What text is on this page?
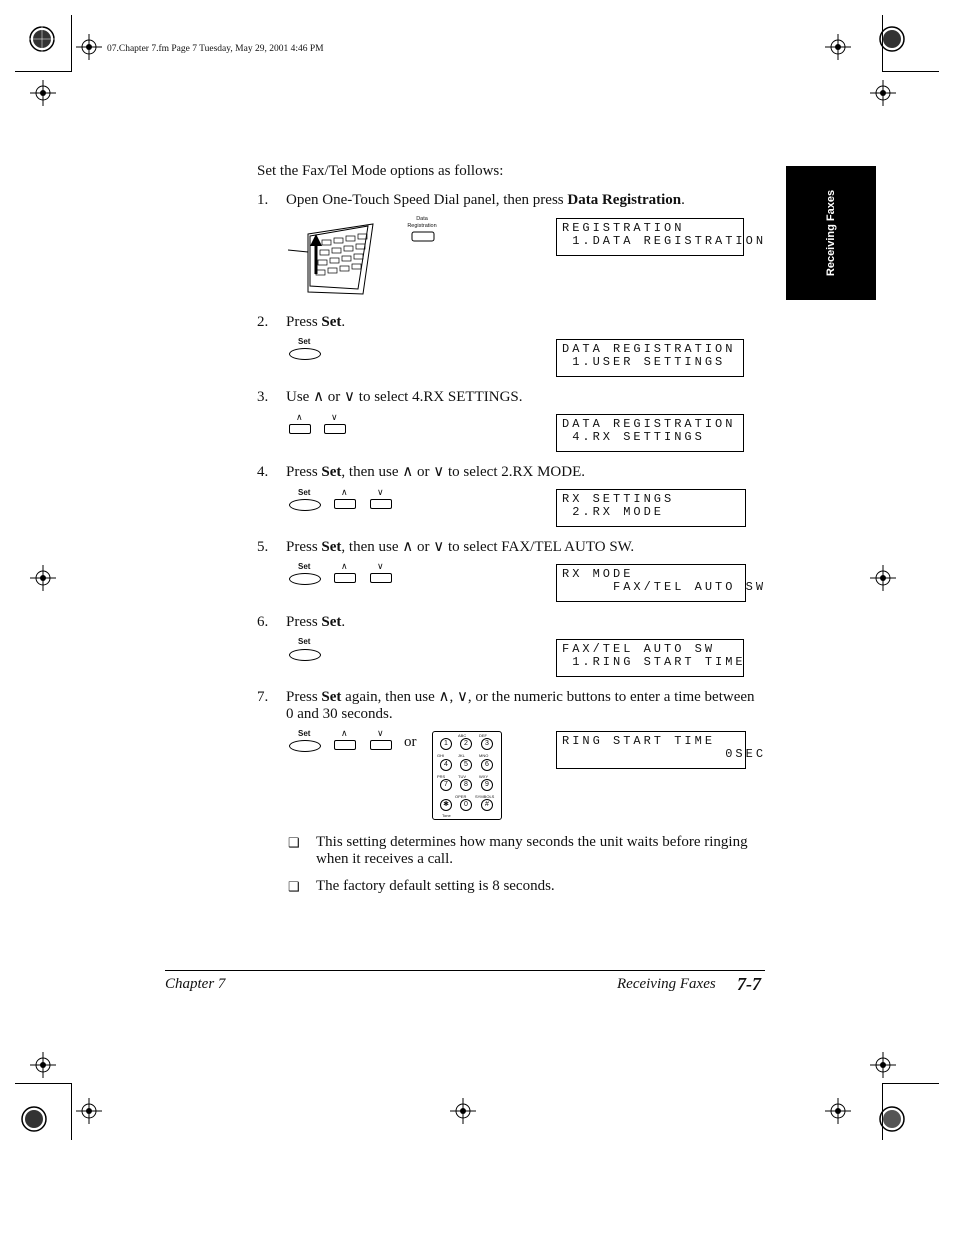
07.Chapter 7.fm Page 7 Tuesday, May 29, 2001 4:46 PM
Receiving Faxes
Set the Fax/Tel Mode options as follows:
1. Open One-Touch Speed Dial panel, then press Data Registration.
Data Registration	REGISTRATION
1.DATA REGISTRATION
2. Press Set.
Set
DATA REGISTRATION
1.USER SETTINGS
3. Use ∧ or ∨ to select 4.RX SETTINGS.
∧	∨	DATA REGISTRATION
4.RX SETTINGS
4. Press Set, then use ∧ or ∨ to select 2.RX MODE.
Set	∧	∨	RX SETTINGS
2.RX MODE
5. Press Set, then use ∧ or ∨ to select FAX/TEL AUTO SW.
Set	∧	∨
RX MODE
FAX/TEL AUTO SW
6. Press Set.
Set
FAX/TEL AUTO SW
1.RING START TIME
7. Press Set again, then use ∧, ∨, or the numeric buttons to enter a time between 0 and 30 seconds.
Set	∧	∨
or	1	2	3
4	5	6
7	8	9
✱	0	#
ABC	DEF
GHI	JKL	MNO
PRS	TUV	WXY
OPER SYMBOLS
Tone
RING START TIME
0SEC
❑ This setting determines how many seconds the unit waits before ringing when it receives a call.
❑ The factory default setting is 8 seconds.
Chapter 7	Receiving Faxes 7-7
